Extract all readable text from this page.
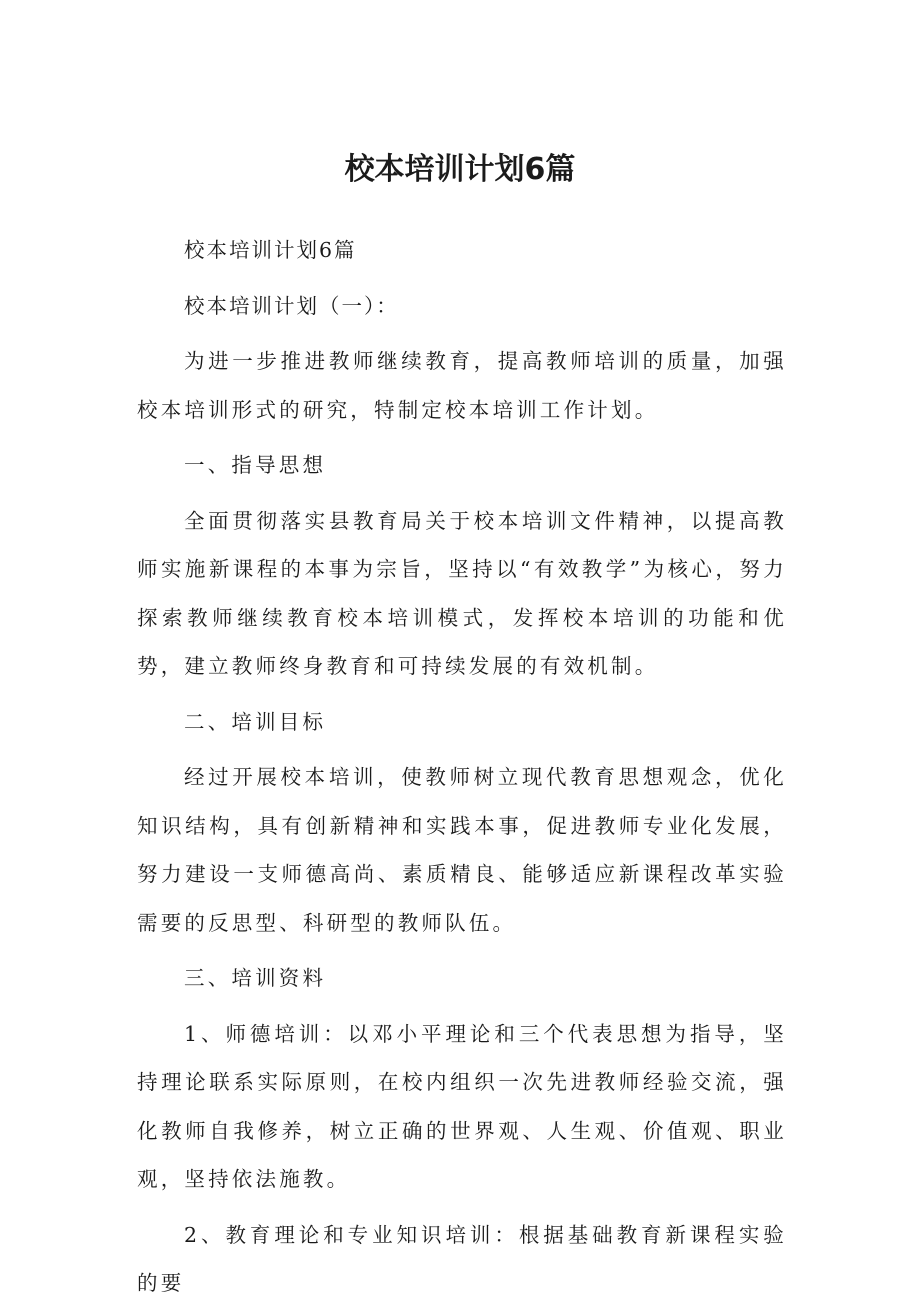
校本培训计划6篇

校本培训计划6篇

校本培训计划（一）：

为进一步推进教师继续教育，提高教师培训的质量，加强校本培训形式的研究，特制定校本培训工作计划。

一、指导思想

全面贯彻落实县教育局关于校本培训文件精神，以提高教师实施新课程的本事为宗旨，坚持以“有效教学”为核心，努力探索教师继续教育校本培训模式，发挥校本培训的功能和优势，建立教师终身教育和可持续发展的有效机制。

二、培训目标

经过开展校本培训，使教师树立现代教育思想观念，优化知识结构，具有创新精神和实践本事，促进教师专业化发展，努力建设一支师德高尚、素质精良、能够适应新课程改革实验需要的反思型、科研型的教师队伍。

三、培训资料

1、师德培训：以邓小平理论和三个代表思想为指导，坚持理论联系实际原则，在校内组织一次先进教师经验交流，强化教师自我修养，树立正确的世界观、人生观、价值观、职业观，坚持依法施教。

2、教育理论和专业知识培训：根据基础教育新课程实验的要
